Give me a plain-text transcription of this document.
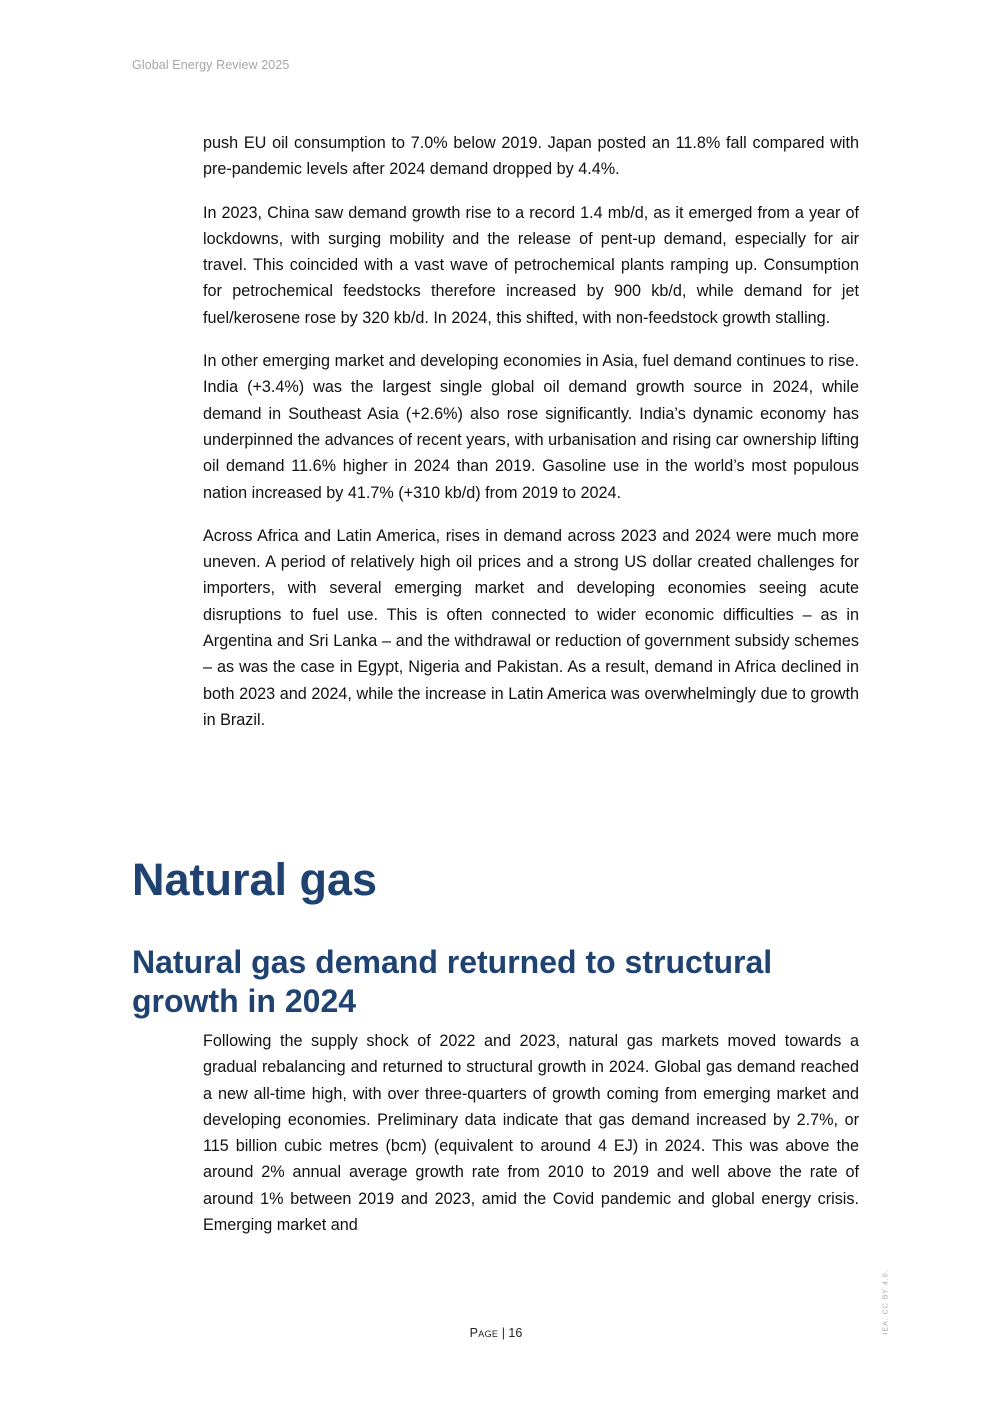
Global Energy Review 2025

push EU oil consumption to 7.0% below 2019. Japan posted an 11.8% fall compared with pre-pandemic levels after 2024 demand dropped by 4.4%.

In 2023, China saw demand growth rise to a record 1.4 mb/d, as it emerged from a year of lockdowns, with surging mobility and the release of pent-up demand, especially for air travel. This coincided with a vast wave of petrochemical plants ramping up. Consumption for petrochemical feedstocks therefore increased by 900 kb/d, while demand for jet fuel/kerosene rose by 320 kb/d. In 2024, this shifted, with non-feedstock growth stalling.

In other emerging market and developing economies in Asia, fuel demand continues to rise. India (+3.4%) was the largest single global oil demand growth source in 2024, while demand in Southeast Asia (+2.6%) also rose significantly. India’s dynamic economy has underpinned the advances of recent years, with urbanisation and rising car ownership lifting oil demand 11.6% higher in 2024 than 2019. Gasoline use in the world’s most populous nation increased by 41.7% (+310 kb/d) from 2019 to 2024.

Across Africa and Latin America, rises in demand across 2023 and 2024 were much more uneven. A period of relatively high oil prices and a strong US dollar created challenges for importers, with several emerging market and developing economies seeing acute disruptions to fuel use. This is often connected to wider economic difficulties – as in Argentina and Sri Lanka – and the withdrawal or reduction of government subsidy schemes – as was the case in Egypt, Nigeria and Pakistan. As a result, demand in Africa declined in both 2023 and 2024, while the increase in Latin America was overwhelmingly due to growth in Brazil.

Natural gas
Natural gas demand returned to structural growth in 2024

Following the supply shock of 2022 and 2023, natural gas markets moved towards a gradual rebalancing and returned to structural growth in 2024. Global gas demand reached a new all-time high, with over three-quarters of growth coming from emerging market and developing economies. Preliminary data indicate that gas demand increased by 2.7%, or 115 billion cubic metres (bcm) (equivalent to around 4 EJ) in 2024. This was above the around 2% annual average growth rate from 2010 to 2019 and well above the rate of around 1% between 2019 and 2023, amid the Covid pandemic and global energy crisis. Emerging market and

Page | 16	IEA. CC BY 4.0.
